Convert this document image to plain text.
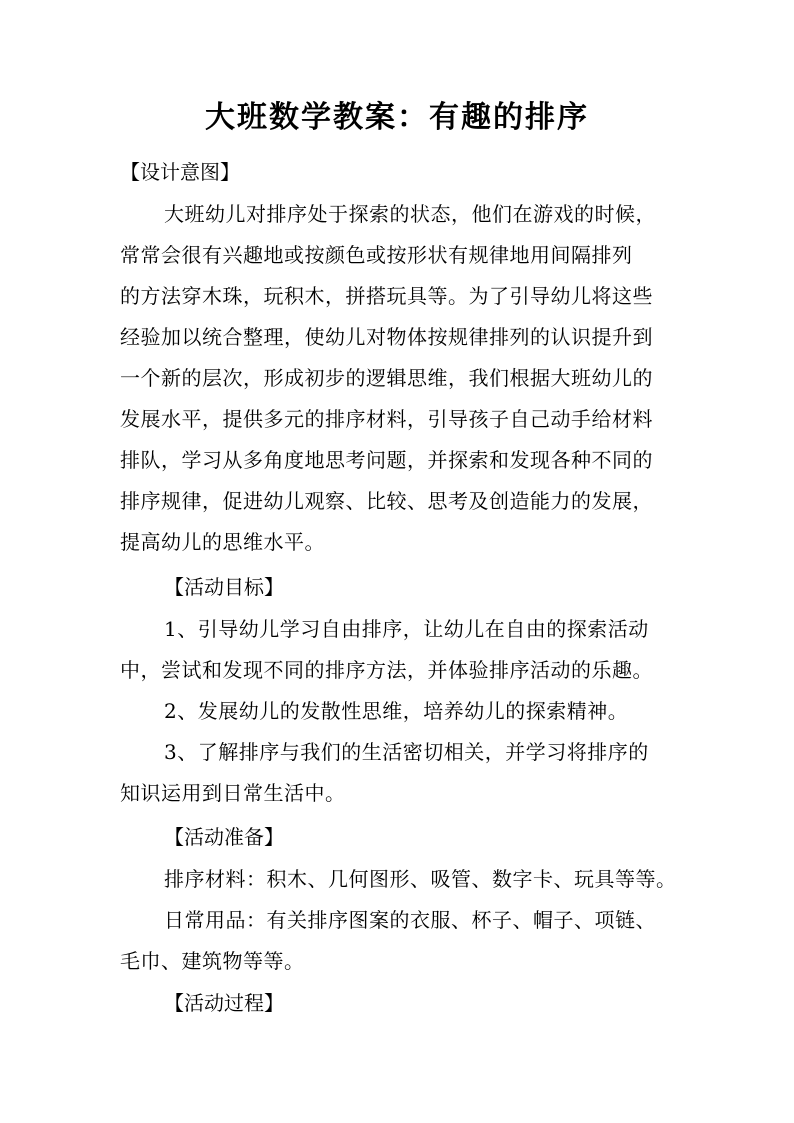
大班数学教案：有趣的排序
【设计意图】
大班幼儿对排序处于探索的状态，他们在游戏的时候，
常常会很有兴趣地或按颜色或按形状有规律地用间隔排列
的方法穿木珠，玩积木，拼搭玩具等。为了引导幼儿将这些
经验加以统合整理，使幼儿对物体按规律排列的认识提升到
一个新的层次，形成初步的逻辑思维，我们根据大班幼儿的
发展水平，提供多元的排序材料，引导孩子自己动手给材料
排队，学习从多角度地思考问题，并探索和发现各种不同的
排序规律，促进幼儿观察、比较、思考及创造能力的发展，
提高幼儿的思维水平。
【活动目标】
1、引导幼儿学习自由排序，让幼儿在自由的探索活动
中，尝试和发现不同的排序方法，并体验排序活动的乐趣。
2、发展幼儿的发散性思维，培养幼儿的探索精神。
3、了解排序与我们的生活密切相关，并学习将排序的
知识运用到日常生活中。
【活动准备】
排序材料：积木、几何图形、吸管、数字卡、玩具等等。
日常用品：有关排序图案的衣服、杯子、帽子、项链、
毛巾、建筑物等等。
【活动过程】
